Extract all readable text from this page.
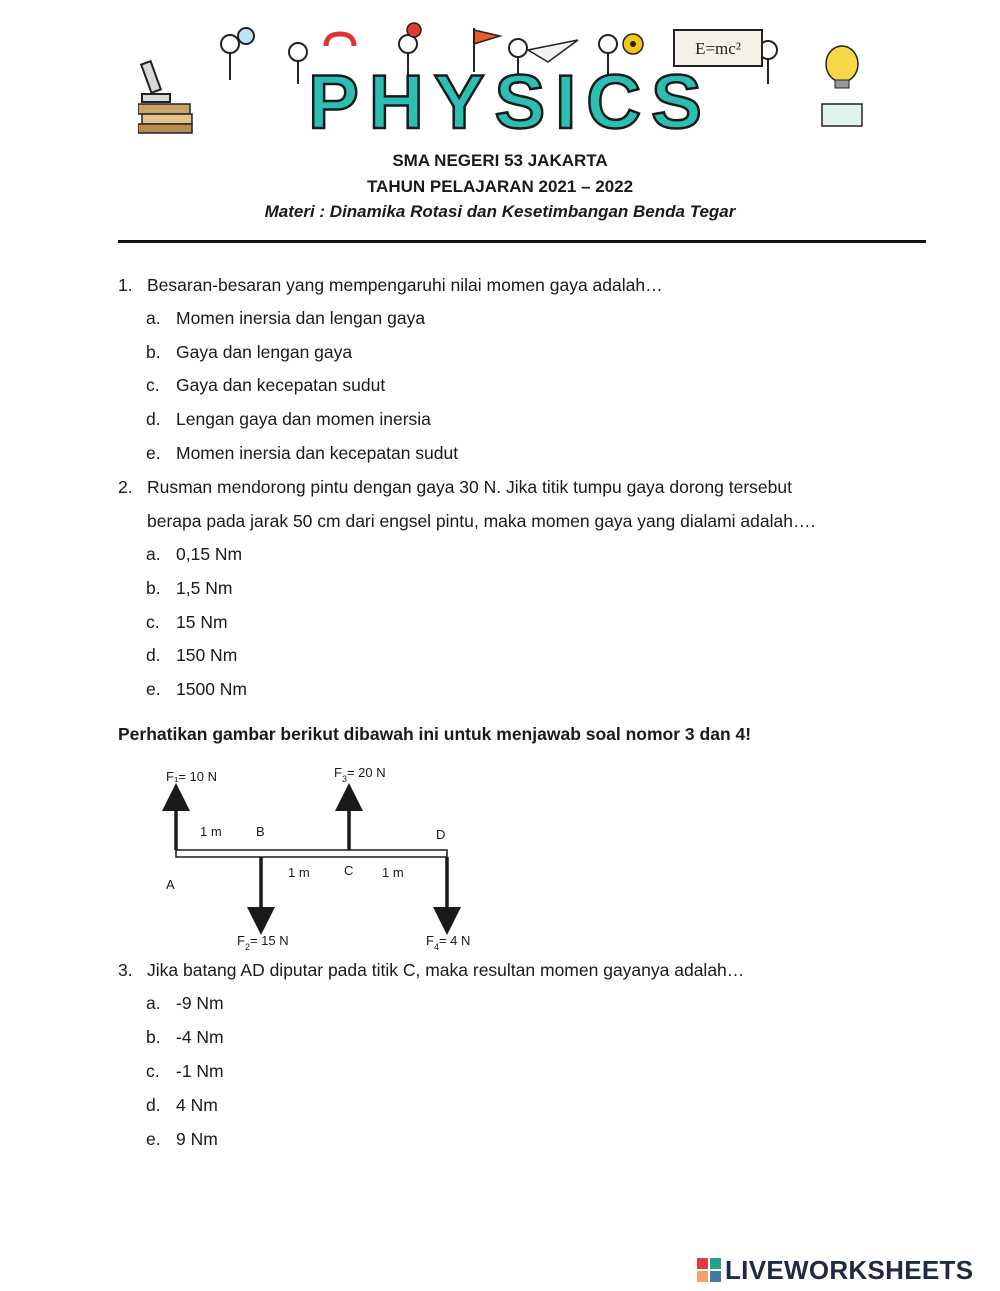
E=mc²
PHYSICS
SMA NEGERI 53 JAKARTA
TAHUN PELAJARAN 2021 – 2022
Materi : Dinamika Rotasi dan Kesetimbangan Benda Tegar
1. Besaran-besaran yang mempengaruhi nilai momen gaya adalah…
a. Momen inersia dan lengan gaya
b. Gaya dan lengan gaya
c. Gaya dan kecepatan sudut
d. Lengan gaya dan momen inersia
e. Momen inersia dan kecepatan sudut
2. Rusman mendorong pintu dengan gaya 30 N. Jika titik tumpu gaya dorong tersebut
berapa pada jarak 50 cm dari engsel pintu, maka momen gaya yang dialami adalah….
a. 0,15 Nm
b. 1,5 Nm
c. 15 Nm
d. 150 Nm
e. 1500 Nm
Perhatikan gambar berikut dibawah ini untuk menjawab soal nomor 3 dan 4!
F₁= 10 N	$F_3= 20$ N
1 m	B	D
A
1 m	C 1 m
$F_2= 15$ N	$F_4= 4$ N
3. Jika batang AD diputar pada titik C, maka resultan momen gayanya adalah…
a. -9 Nm
b. -4 Nm
c. -1 Nm
d. 4 Nm
e. 9 Nm
LIVEWORKSHEETS
